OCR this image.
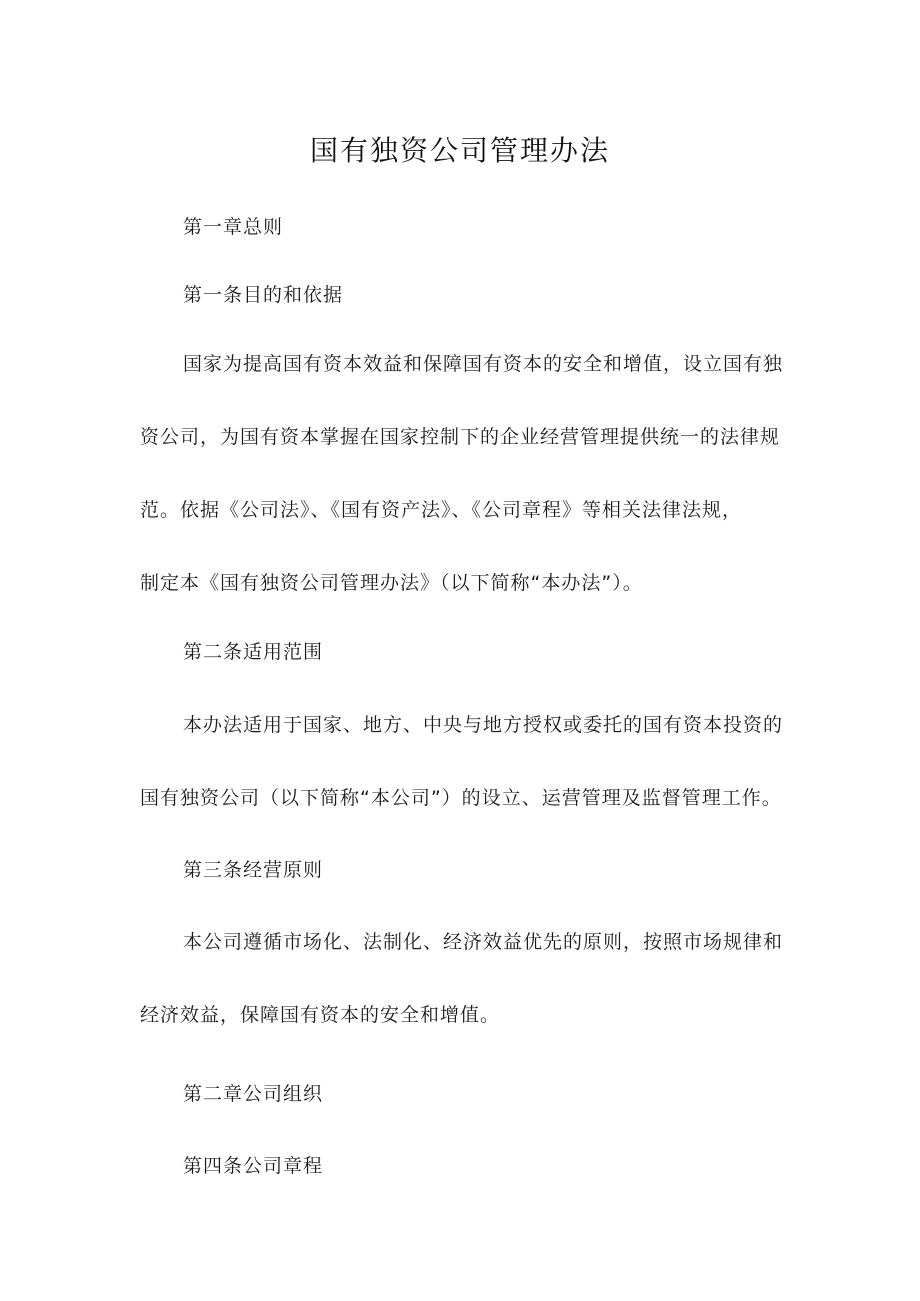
国有独资公司管理办法
第一章总则
第一条目的和依据
国家为提高国有资本效益和保障国有资本的安全和增值，设立国有独
资公司，为国有资本掌握在国家控制下的企业经营管理提供统一的法律规
范。依据《公司法》、《国有资产法》、《公司章程》等相关法律法规，
制定本《国有独资公司管理办法》（以下简称“本办法”）。
第二条适用范围
本办法适用于国家、地方、中央与地方授权或委托的国有资本投资的
国有独资公司（以下简称“本公司”）的设立、运营管理及监督管理工作。
第三条经营原则
本公司遵循市场化、法制化、经济效益优先的原则，按照市场规律和
经济效益，保障国有资本的安全和增值。
第二章公司组织
第四条公司章程
